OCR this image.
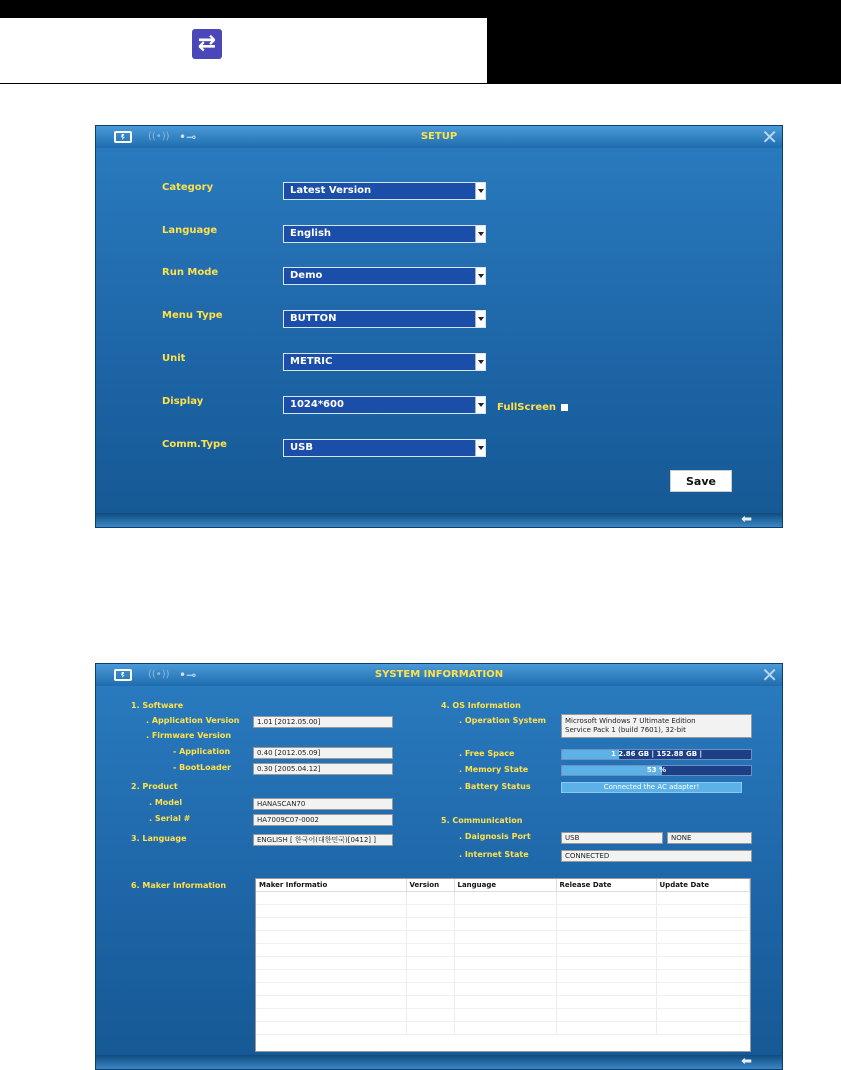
⇄
((•)) •⊸	SETUP	✕
Category	Latest Version
Language	English
Run Mode	Demo
Menu Type	BUTTON
Unit	METRIC
Display	1024*600	FullScreen
Comm.Type	USB
Save
⬅
((•)) •⊸	SYSTEM INFORMATION	✕
1. Software
. Application Version	1.01 [2012.05.00]
. Firmware Version
- Application	0.40 [2012.05.09]
- BootLoader	0.30 [2005.04.12]
2. Product
. Model	HANASCAN70
. Serial #	HA7009C07-0002
3. Language	ENGLISH [ 한국어(대한민국)[0412] ]
4. OS Information
. Operation System	Microsoft Windows 7 Ultimate Edition
Service Pack 1 (build 7601), 32-bit
. Free Space	1 2.86 GB | 152.88 GB |
. Memory State	53 %
. Battery Status	Connected the AC adapter!
5. Communication
. Daignosis Port	USB	NONE
. Internet State	CONNECTED
6. Maker Information	Maker Informatio	Version	Language	Release Date	Update Date

⬅
